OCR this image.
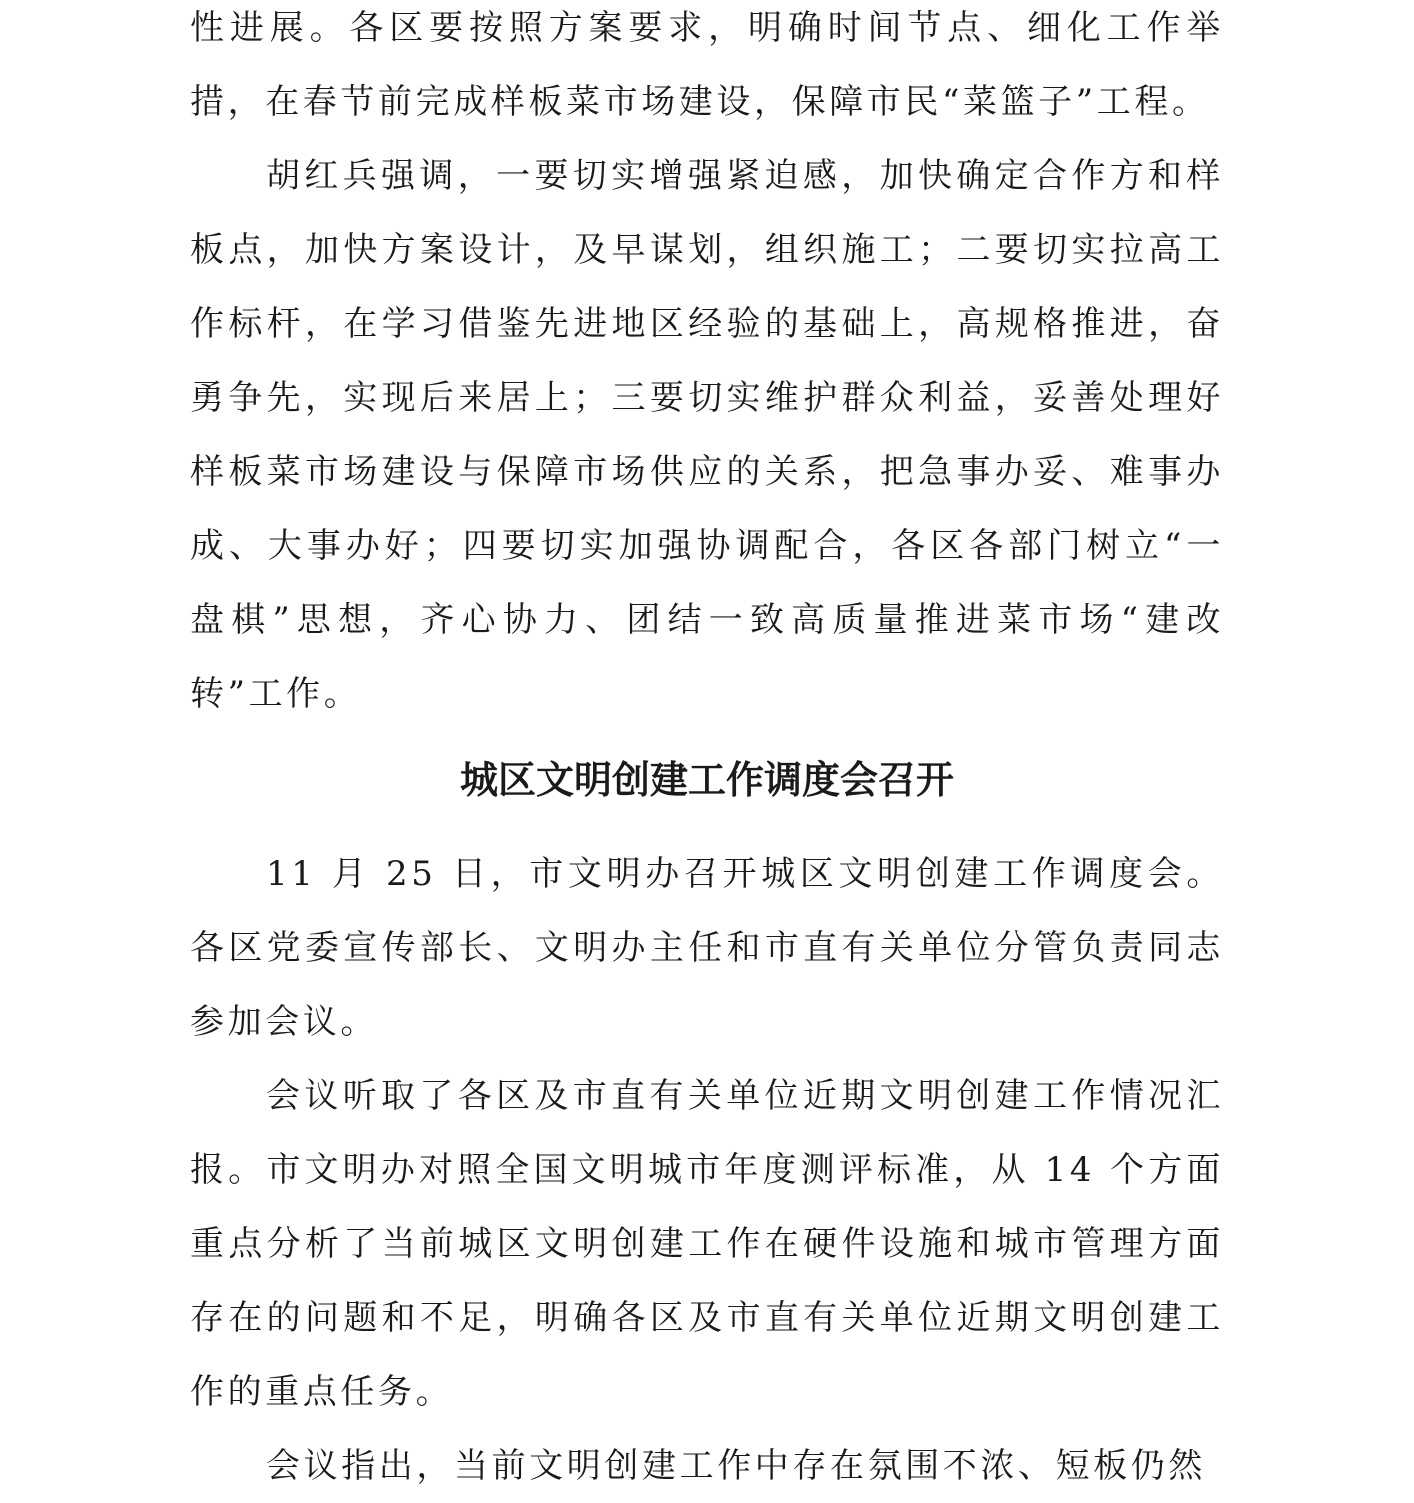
性进展。各区要按照方案要求，明确时间节点、细化工作举措，在春节前完成样板菜市场建设，保障市民“菜篮子”工程。

胡红兵强调，一要切实增强紧迫感，加快确定合作方和样板点，加快方案设计，及早谋划，组织施工；二要切实拉高工作标杆，在学习借鉴先进地区经验的基础上，高规格推进，奋勇争先，实现后来居上；三要切实维护群众利益，妥善处理好样板菜市场建设与保障市场供应的关系，把急事办妥、难事办成、大事办好；四要切实加强协调配合，各区各部门树立“一盘棋”思想，齐心协力、团结一致高质量推进菜市场“建改转”工作。

城区文明创建工作调度会召开

11 月 25 日，市文明办召开城区文明创建工作调度会。各区党委宣传部长、文明办主任和市直有关单位分管负责同志参加会议。

会议听取了各区及市直有关单位近期文明创建工作情况汇报。市文明办对照全国文明城市年度测评标准，从 14 个方面重点分析了当前城区文明创建工作在硬件设施和城市管理方面存在的问题和不足，明确各区及市直有关单位近期文明创建工作的重点任务。

会议指出，当前文明创建工作中存在氛围不浓、短板仍然
